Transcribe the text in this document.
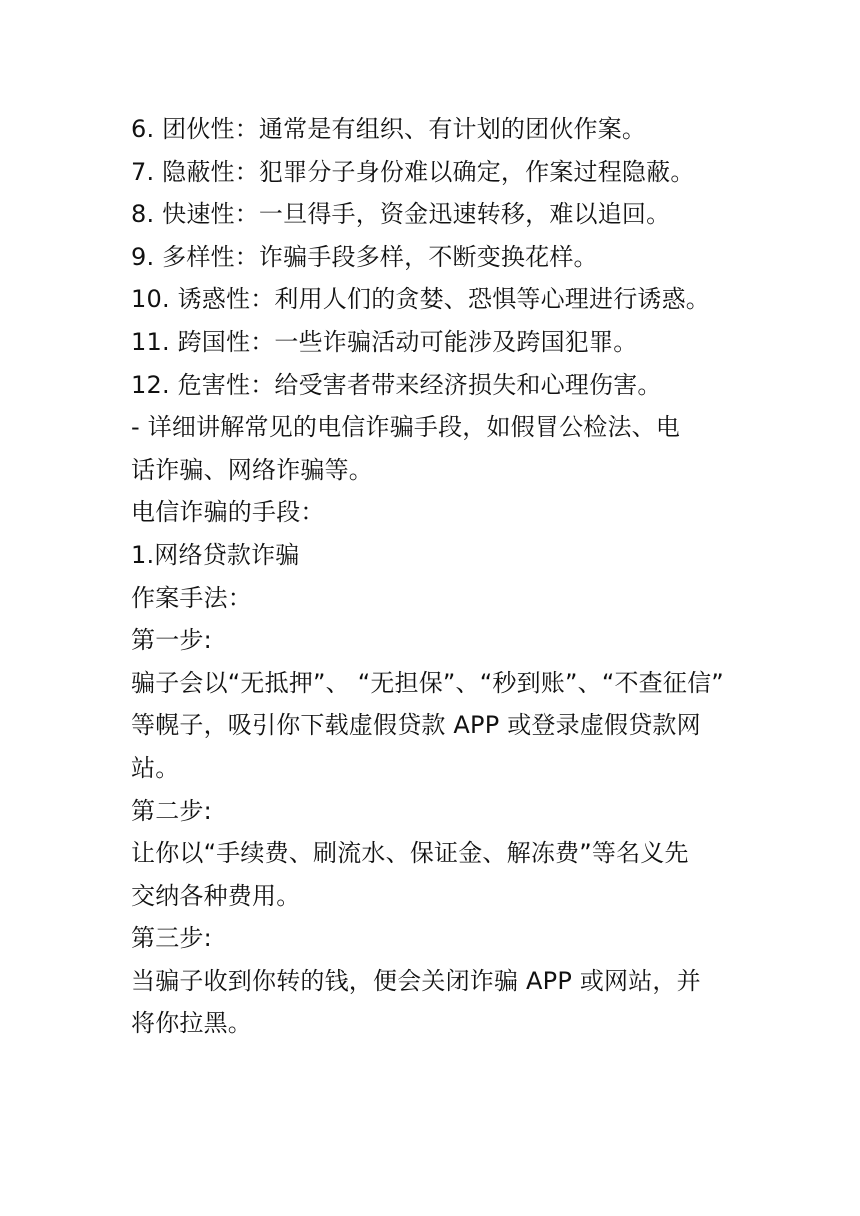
6. 团伙性：通常是有组织、有计划的团伙作案。
7. 隐蔽性：犯罪分子身份难以确定，作案过程隐蔽。
8. 快速性：一旦得手，资金迅速转移，难以追回。
9. 多样性：诈骗手段多样，不断变换花样。
10. 诱惑性：利用人们的贪婪、恐惧等心理进行诱惑。
11. 跨国性：一些诈骗活动可能涉及跨国犯罪。
12. 危害性：给受害者带来经济损失和心理伤害。
- 详细讲解常见的电信诈骗手段，如假冒公检法、电
话诈骗、网络诈骗等。
电信诈骗的手段：
1.网络贷款诈骗
作案手法：
第一步:
骗子会以“无抵押”、 “无担保”、“秒到账”、“不查征信”
等幌子，吸引你下载虚假贷款 APP 或登录虚假贷款网
站。
第二步:
让你以“手续费、刷流水、保证金、解冻费”等名义先
交纳各种费用。
第三步:
当骗子收到你转的钱，便会关闭诈骗 APP 或网站，并
将你拉黑。
